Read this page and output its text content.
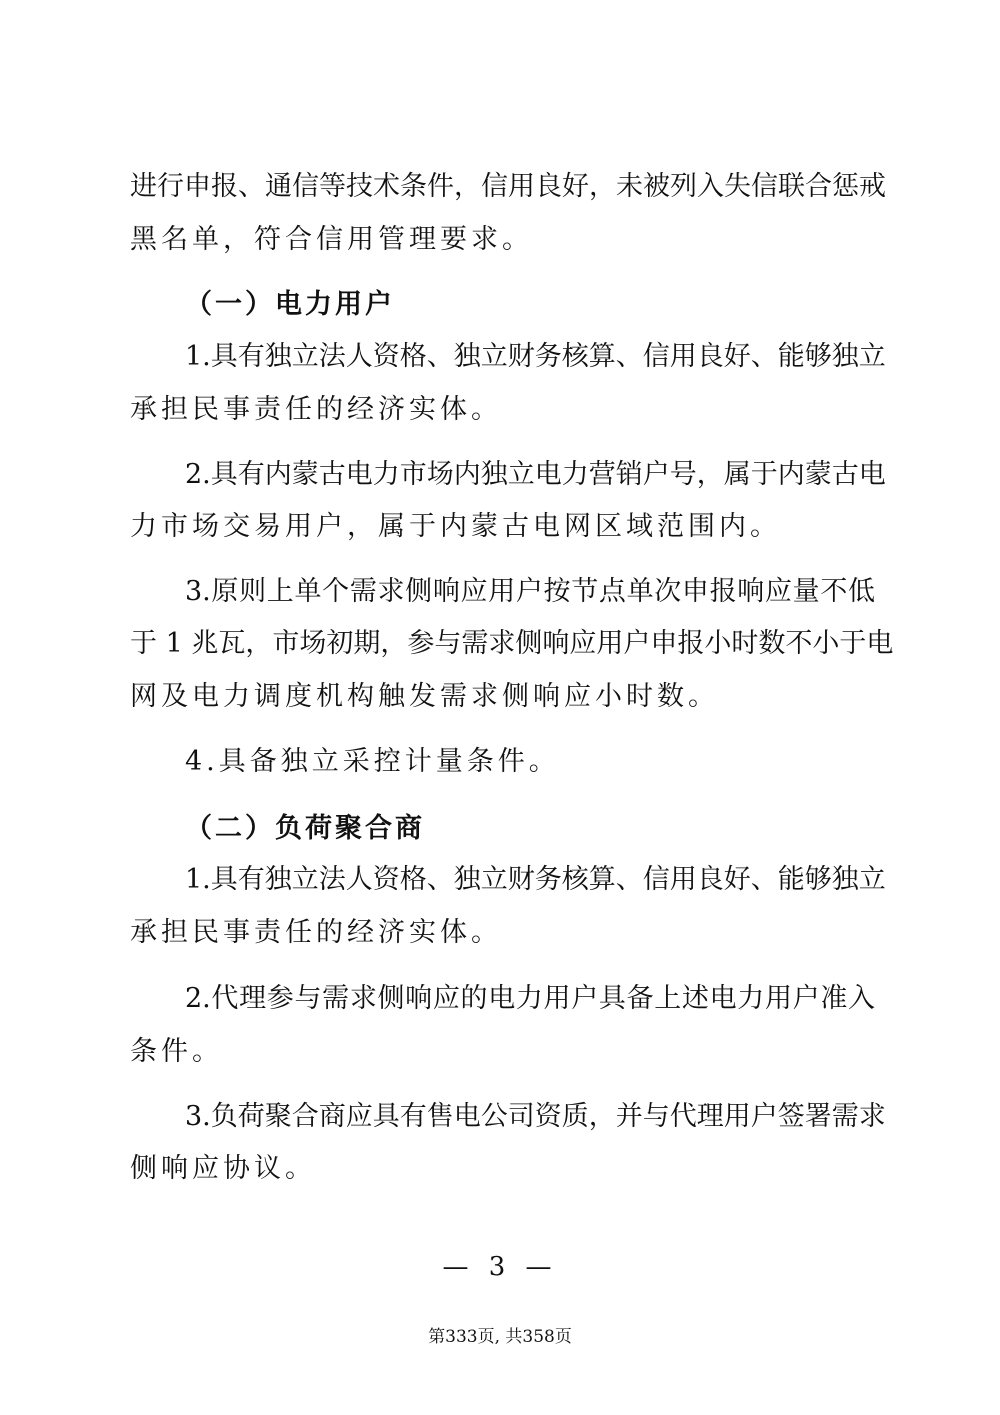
进行申报、通信等技术条件，信用良好，未被列入失信联合惩戒
黑名单，符合信用管理要求。
（一）电力用户
1.具有独立法人资格、独立财务核算、信用良好、能够独立
承担民事责任的经济实体。
2.具有内蒙古电力市场内独立电力营销户号，属于内蒙古电
力市场交易用户，属于内蒙古电网区域范围内。
3.原则上单个需求侧响应用户按节点单次申报响应量不低
于 1 兆瓦，市场初期，参与需求侧响应用户申报小时数不小于电
网及电力调度机构触发需求侧响应小时数。
4.具备独立采控计量条件。
（二）负荷聚合商
1.具有独立法人资格、独立财务核算、信用良好、能够独立
承担民事责任的经济实体。
2.代理参与需求侧响应的电力用户具备上述电力用户准入
条件。
3.负荷聚合商应具有售电公司资质，并与代理用户签署需求
侧响应协议。
— 3 —
第333页, 共358页
